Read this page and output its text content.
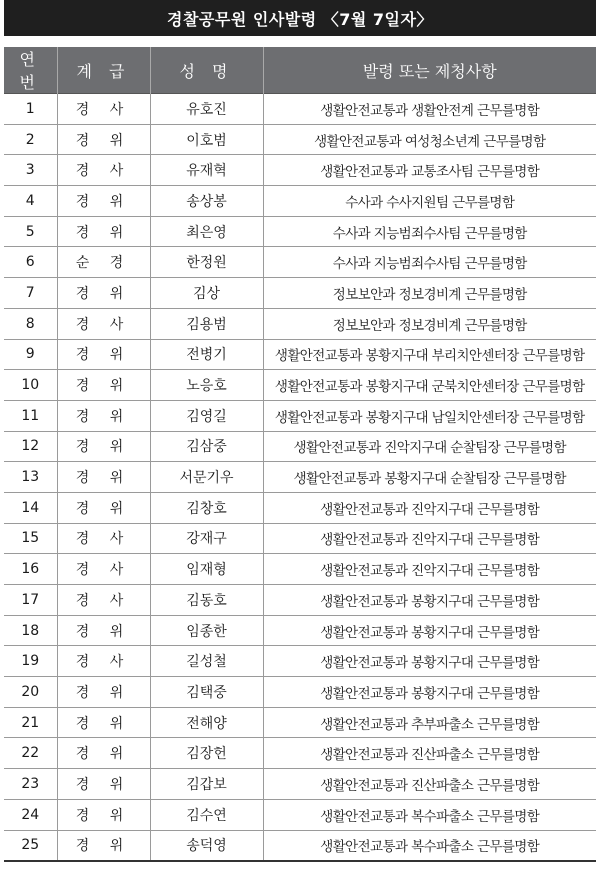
경찰공무원 인사발령 〈7월 7일자〉
연 번	계 급	성 명	발령 또는 제청사항
1	경 사	유호진	생활안전교통과 생활안전계 근무를명함
2	경 위	이호범	생활안전교통과 여성청소년계 근무를명함
3	경 사	유재혁	생활안전교통과 교통조사팀 근무를명함
4	경 위	송상봉	수사과 수사지원팀 근무를명함
5	경 위	최은영	수사과 지능범죄수사팀 근무를명함
6	순 경	한정원	수사과 지능범죄수사팀 근무를명함
7	경 위	김상	정보보안과 정보경비계 근무를명함
8	경 사	김용범	정보보안과 정보경비계 근무를명함
9	경 위	전병기	생활안전교통과 봉황지구대 부리치안센터장 근무를명함
10	경 위	노응호	생활안전교통과 봉황지구대 군북치안센터장 근무를명함
11	경 위	김영길	생활안전교통과 봉황지구대 남일치안센터장 근무를명함
12	경 위	김삼중	생활안전교통과 진악지구대 순찰팀장 근무를명함
13	경 위	서문기우	생활안전교통과 봉황지구대 순찰팀장 근무를명함
14	경 위	김창호	생활안전교통과 진악지구대 근무를명함
15	경 사	강재구	생활안전교통과 진악지구대 근무를명함
16	경 사	임재형	생활안전교통과 진악지구대 근무를명함
17	경 사	김동호	생활안전교통과 봉황지구대 근무를명함
18	경 위	임종한	생활안전교통과 봉황지구대 근무를명함
19	경 사	길성철	생활안전교통과 봉황지구대 근무를명함
20	경 위	김택중	생활안전교통과 봉황지구대 근무를명함
21	경 위	전해양	생활안전교통과 추부파출소 근무를명함
22	경 위	김장헌	생활안전교통과 진산파출소 근무를명함
23	경 위	김갑보	생활안전교통과 진산파출소 근무를명함
24	경 위	김수연	생활안전교통과 복수파출소 근무를명함
25	경 위	송덕영	생활안전교통과 복수파출소 근무를명함
